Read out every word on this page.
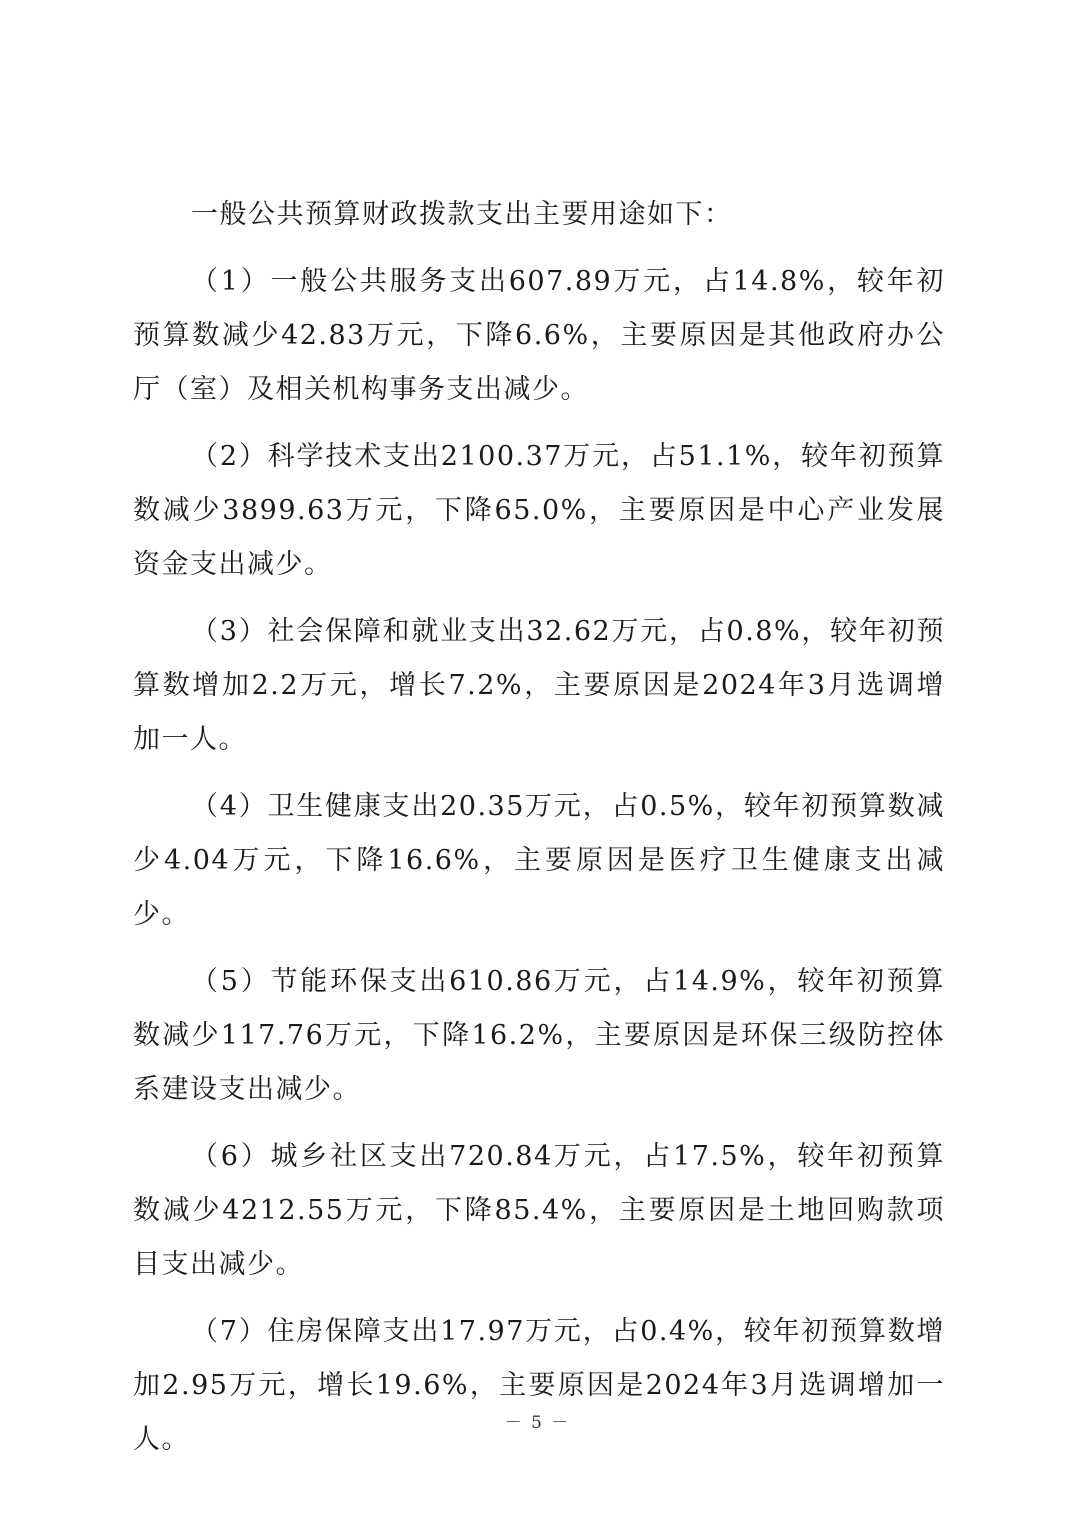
一般公共预算财政拨款支出主要用途如下：

（1）一般公共服务支出607.89万元，占14.8%，较年初预算数减少42.83万元，下降6.6%，主要原因是其他政府办公厅（室）及相关机构事务支出减少。

（2）科学技术支出2100.37万元，占51.1%，较年初预算数减少3899.63万元，下降65.0%，主要原因是中心产业发展资金支出减少。

（3）社会保障和就业支出32.62万元，占0.8%，较年初预算数增加2.2万元，增长7.2%，主要原因是2024年3月选调增加一人。

（4）卫生健康支出20.35万元，占0.5%，较年初预算数减少4.04万元，下降16.6%，主要原因是医疗卫生健康支出减少。

（5）节能环保支出610.86万元，占14.9%，较年初预算数减少117.76万元，下降16.2%，主要原因是环保三级防控体系建设支出减少。

（6）城乡社区支出720.84万元，占17.5%，较年初预算数减少4212.55万元，下降85.4%，主要原因是土地回购款项目支出减少。

（7）住房保障支出17.97万元，占0.4%，较年初预算数增加2.95万元，增长19.6%，主要原因是2024年3月选调增加一人。

－ 5 －
